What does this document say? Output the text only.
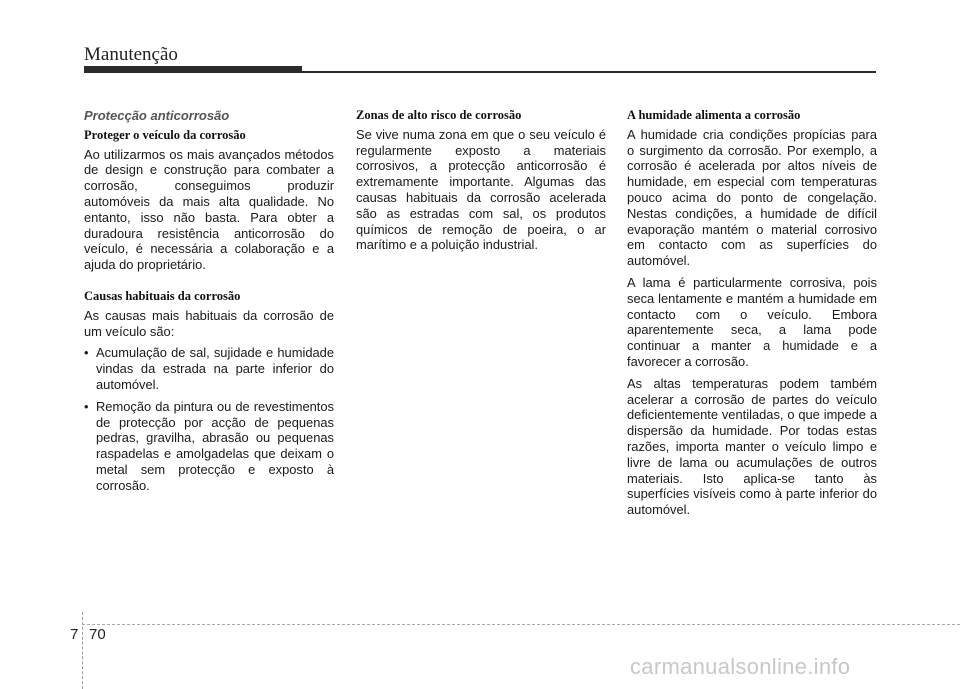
Manutenção
Protecção anticorrosão
Proteger o veículo da corrosão

Ao utilizarmos os mais avançados métodos de design e construção para combater a corrosão, conseguimos produzir automóveis da mais alta qualidade. No entanto, isso não basta. Para obter a duradoura resistência anticorrosão do veículo, é necessária a colaboração e a ajuda do proprietário.

Causas habituais da corrosão

As causas mais habituais da corrosão de um veículo são:

• Acumulação de sal, sujidade e humidade vindas da estrada na parte inferior do automóvel.
• Remoção da pintura ou de revestimentos de protecção por acção de pequenas pedras, gravilha, abrasão ou pequenas raspadelas e amolgadelas que deixam o metal sem protecção e exposto à corrosão.
Zonas de alto risco de corrosão

Se vive numa zona em que o seu veículo é regularmente exposto a materiais corrosivos, a protecção anticorrosão é extremamente importante. Algumas das causas habituais da corrosão acelerada são as estradas com sal, os produtos químicos de remoção de poeira, o ar marítimo e a poluição industrial.

A humidade alimenta a corrosão

A humidade cria condições propícias para o surgimento da corrosão. Por exemplo, a corrosão é acelerada por altos níveis de humidade, em especial com temperaturas pouco acima do ponto de congelação. Nestas condições, a humidade de difícil evaporação mantém o material corrosivo em contacto com as superfícies do automóvel.

A lama é particularmente corrosiva, pois seca lentamente e mantém a humidade em contacto com o veículo. Embora aparentemente seca, a lama pode continuar a manter a humidade e a favorecer a corrosão.

As altas temperaturas podem também acelerar a corrosão de partes do veículo deficientemente ventiladas, o que impede a dispersão da humidade. Por todas estas razões, importa manter o veículo limpo e livre de lama ou acumulações de outros materiais. Isto aplica-se tanto às superfícies visíveis como à parte inferior do automóvel.

7 70
carmanualsonline.info
